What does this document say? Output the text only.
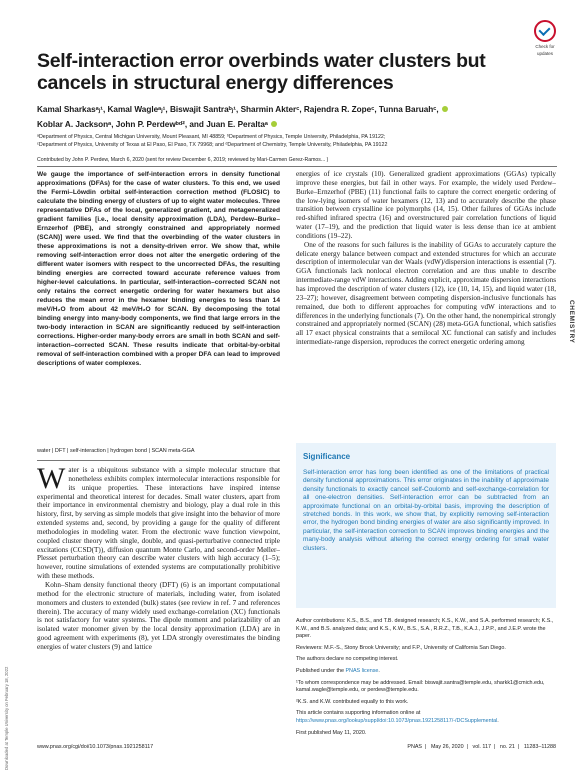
Check for
updates
Self-interaction error overbinds water clusters but
cancels in structural energy differences
Kamal Sharkasᵃⱼ¹, Kamal Wagleᵃⱼ¹, Biswajit Santraᵇⱼ¹, Sharmin Akterᶜ, Rajendra R. Zopeᶜ, Tunna Baruahᶜ,
Koblar A. Jacksonᵃ, John P. Perdewᵇᵈ², and Juan E. Peraltaᵃ
ᵃDepartment of Physics, Central Michigan University, Mount Pleasant, MI 48859; ᵇDepartment of Physics, Temple University, Philadelphia, PA 19122;
ᶜDepartment of Physics, University of Texas at El Paso, El Paso, TX 79968; and ᵈDepartment of Chemistry, Temple University, Philadelphia, PA 19122
Contributed by John P. Perdew, March 6, 2020 (sent for review December 6, 2019; reviewed by Mari-Carmen Gerez-Ramos... )
We gauge the importance of self-interaction errors in density functional approximations (DFAs) for the case of water clusters. To this end, we used the Fermi–Löwdin orbital self-interaction correction method (FLOSIC) to calculate the binding energy of clusters of up to eight water molecules. Three representative DFAs of the local, generalized gradient, and metageneralized gradient families [i.e., local density approximation (LDA), Perdew–Burke–Ernzerhof (PBE), and strongly constrained and appropriately normed (SCAN)] were used. We find that the overbinding of the water clusters in these approximations is not a density-driven error. We show that, while removing self-interaction error does not alter the energetic ordering of the different water isomers with respect to the uncorrected DFAs, the resulting binding energies are corrected toward accurate reference values from higher-level calculations. In particular, self-interaction–corrected SCAN not only retains the correct energetic ordering for water hexamers but also reduces the mean error in the hexamer binding energies to less than 14 meV/H₂O from about 42 meV/H₂O for SCAN. By decomposing the total binding energy into many-body components, we find that large errors in the two-body interaction in SCAN are significantly reduced by self-interaction corrections. Higher-order many-body errors are small in both SCAN and self-interaction–corrected SCAN. These results indicate that orbital-by-orbital removal of self-interaction combined with a proper DFA can lead to improved descriptions of water complexes.
water | DFT | self-interaction | hydrogen bond | SCAN meta-GGA

Water is a ubiquitous substance with a simple molecular structure that nonetheless exhibits complex intermolecular interactions responsible for its unique properties. These interactions have inspired intense experimental and theoretical interest for decades. Small water clusters, apart from their importance in environmental chemistry and biology, play a dual role in this history, first, by serving as simple models that give insight into the behavior of more extended systems and, second, by providing a gauge for the quality of different methodologies in modeling water. From the electronic wave function viewpoint, coupled cluster theory with single, double, and quasi-perturbative connected triple excitations (CCSD(T)), diffusion quantum Monte Carlo, and second-order Møller–Plesset perturbation theory can describe water clusters with high accuracy (1–5); however, routine simulations of extended systems are computationally prohibitive with these methods.

Kohn–Sham density functional theory (DFT) (6) is an important computational method for the electronic structure of materials, including water, from isolated monomers and clusters to extended (bulk) states (see review in ref. 7 and references therein). The accuracy of many widely used exchange-correlation (XC) functionals is not satisfactory for water systems. The dipole moment and polarizability of an isolated water monomer given by the local density approximation (LDA) are in good agreement with experiments (8), yet LDA strongly overestimates the binding energies of water clusters (9) and lattice

energies of ice crystals (10). Generalized gradient approximations (GGAs) typically improve these energies, but fail in other ways. For example, the widely used Perdew–Burke–Ernzerhof (PBE) (11) functional fails to capture the correct energetic ordering of the low-lying isomers of water hexamers (12, 13) and to accurately describe the phase transition between crystalline ice polymorphs (14, 15). Other failures of GGAs include red-shifted infrared spectra (16) and overstructured pair correlation functions of liquid water (17–19), and the prediction that liquid water is less dense than ice at ambient conditions (19–22).

One of the reasons for such failures is the inability of GGAs to accurately capture the delicate energy balance between compact and extended structures for which an accurate description of intermolecular van der Waals (vdW)/dispersion interactions is essential (7). GGA functionals lack nonlocal electron correlation and are thus unable to describe intermediate-range vdW interactions. Adding explicit, approximate dispersion interactions has improved the description of water clusters (12), ice (10, 14, 15), and liquid water (18, 23–27); however, disagreement between competing dispersion-inclusive functionals has remained, due both to different approaches for computing vdW interactions and to differences in the underlying functionals (7). On the other hand, the nonempirical strongly constrained and appropriately normed (SCAN) (28) meta-GGA functional, which satisfies all 17 exact physical constraints that a semilocal XC functional can satisfy and includes intermediate-range dispersion, reproduces the correct energetic ordering among

Significance
Self-interaction error has long been identified as one of the limitations of practical density functional approximations. This error originates in the inability of approximate density functionals to exactly cancel self-Coulomb and self-exchange-correlation for all one-electron densities. Self-interaction error can be subtracted from an approximate functional on an orbital-by-orbital basis, improving the description of stretched bonds. In this work, we show that, by explicitly removing self-interaction error, the hydrogen bond binding energies of water are also significantly improved. In particular, the self-interaction correction to SCAN improves binding energies and the many-body analysis without altering the correct energy ordering for small water clusters.
Author contributions: K.S., B.S., and T.B. designed research; K.S., K.W., and S.A. performed research; K.S., K.W., and B.S. analyzed data; and K.S., K.W., B.S., S.A., R.R.Z., T.B., K.A.J., J.P.P., and J.E.P. wrote the paper.
Reviewers: M.F.-S., Stony Brook University; and F.P., University of California San Diego.
The authors declare no competing interest.
Published under the PNAS license.
¹To whom correspondence may be addressed. Email: biswajit.santra@temple.edu, sharkk1@cmich.edu, kamal.wagle@temple.edu, or perdew@temple.edu.
²K.S. and K.W. contributed equally to this work.
This article contains supporting information online at https://www.pnas.org/lookup/suppl/doi:10.1073/pnas.1921258117/-/DCSupplemental.
First published May 11, 2020.
www.pnas.org/cgi/doi/10.1073/pnas.1921258117	PNAS | May 26, 2020 | vol. 117 | no. 21 | 11283–11288
CHEMISTRY
Downloaded at Temple University on February 18, 2022
